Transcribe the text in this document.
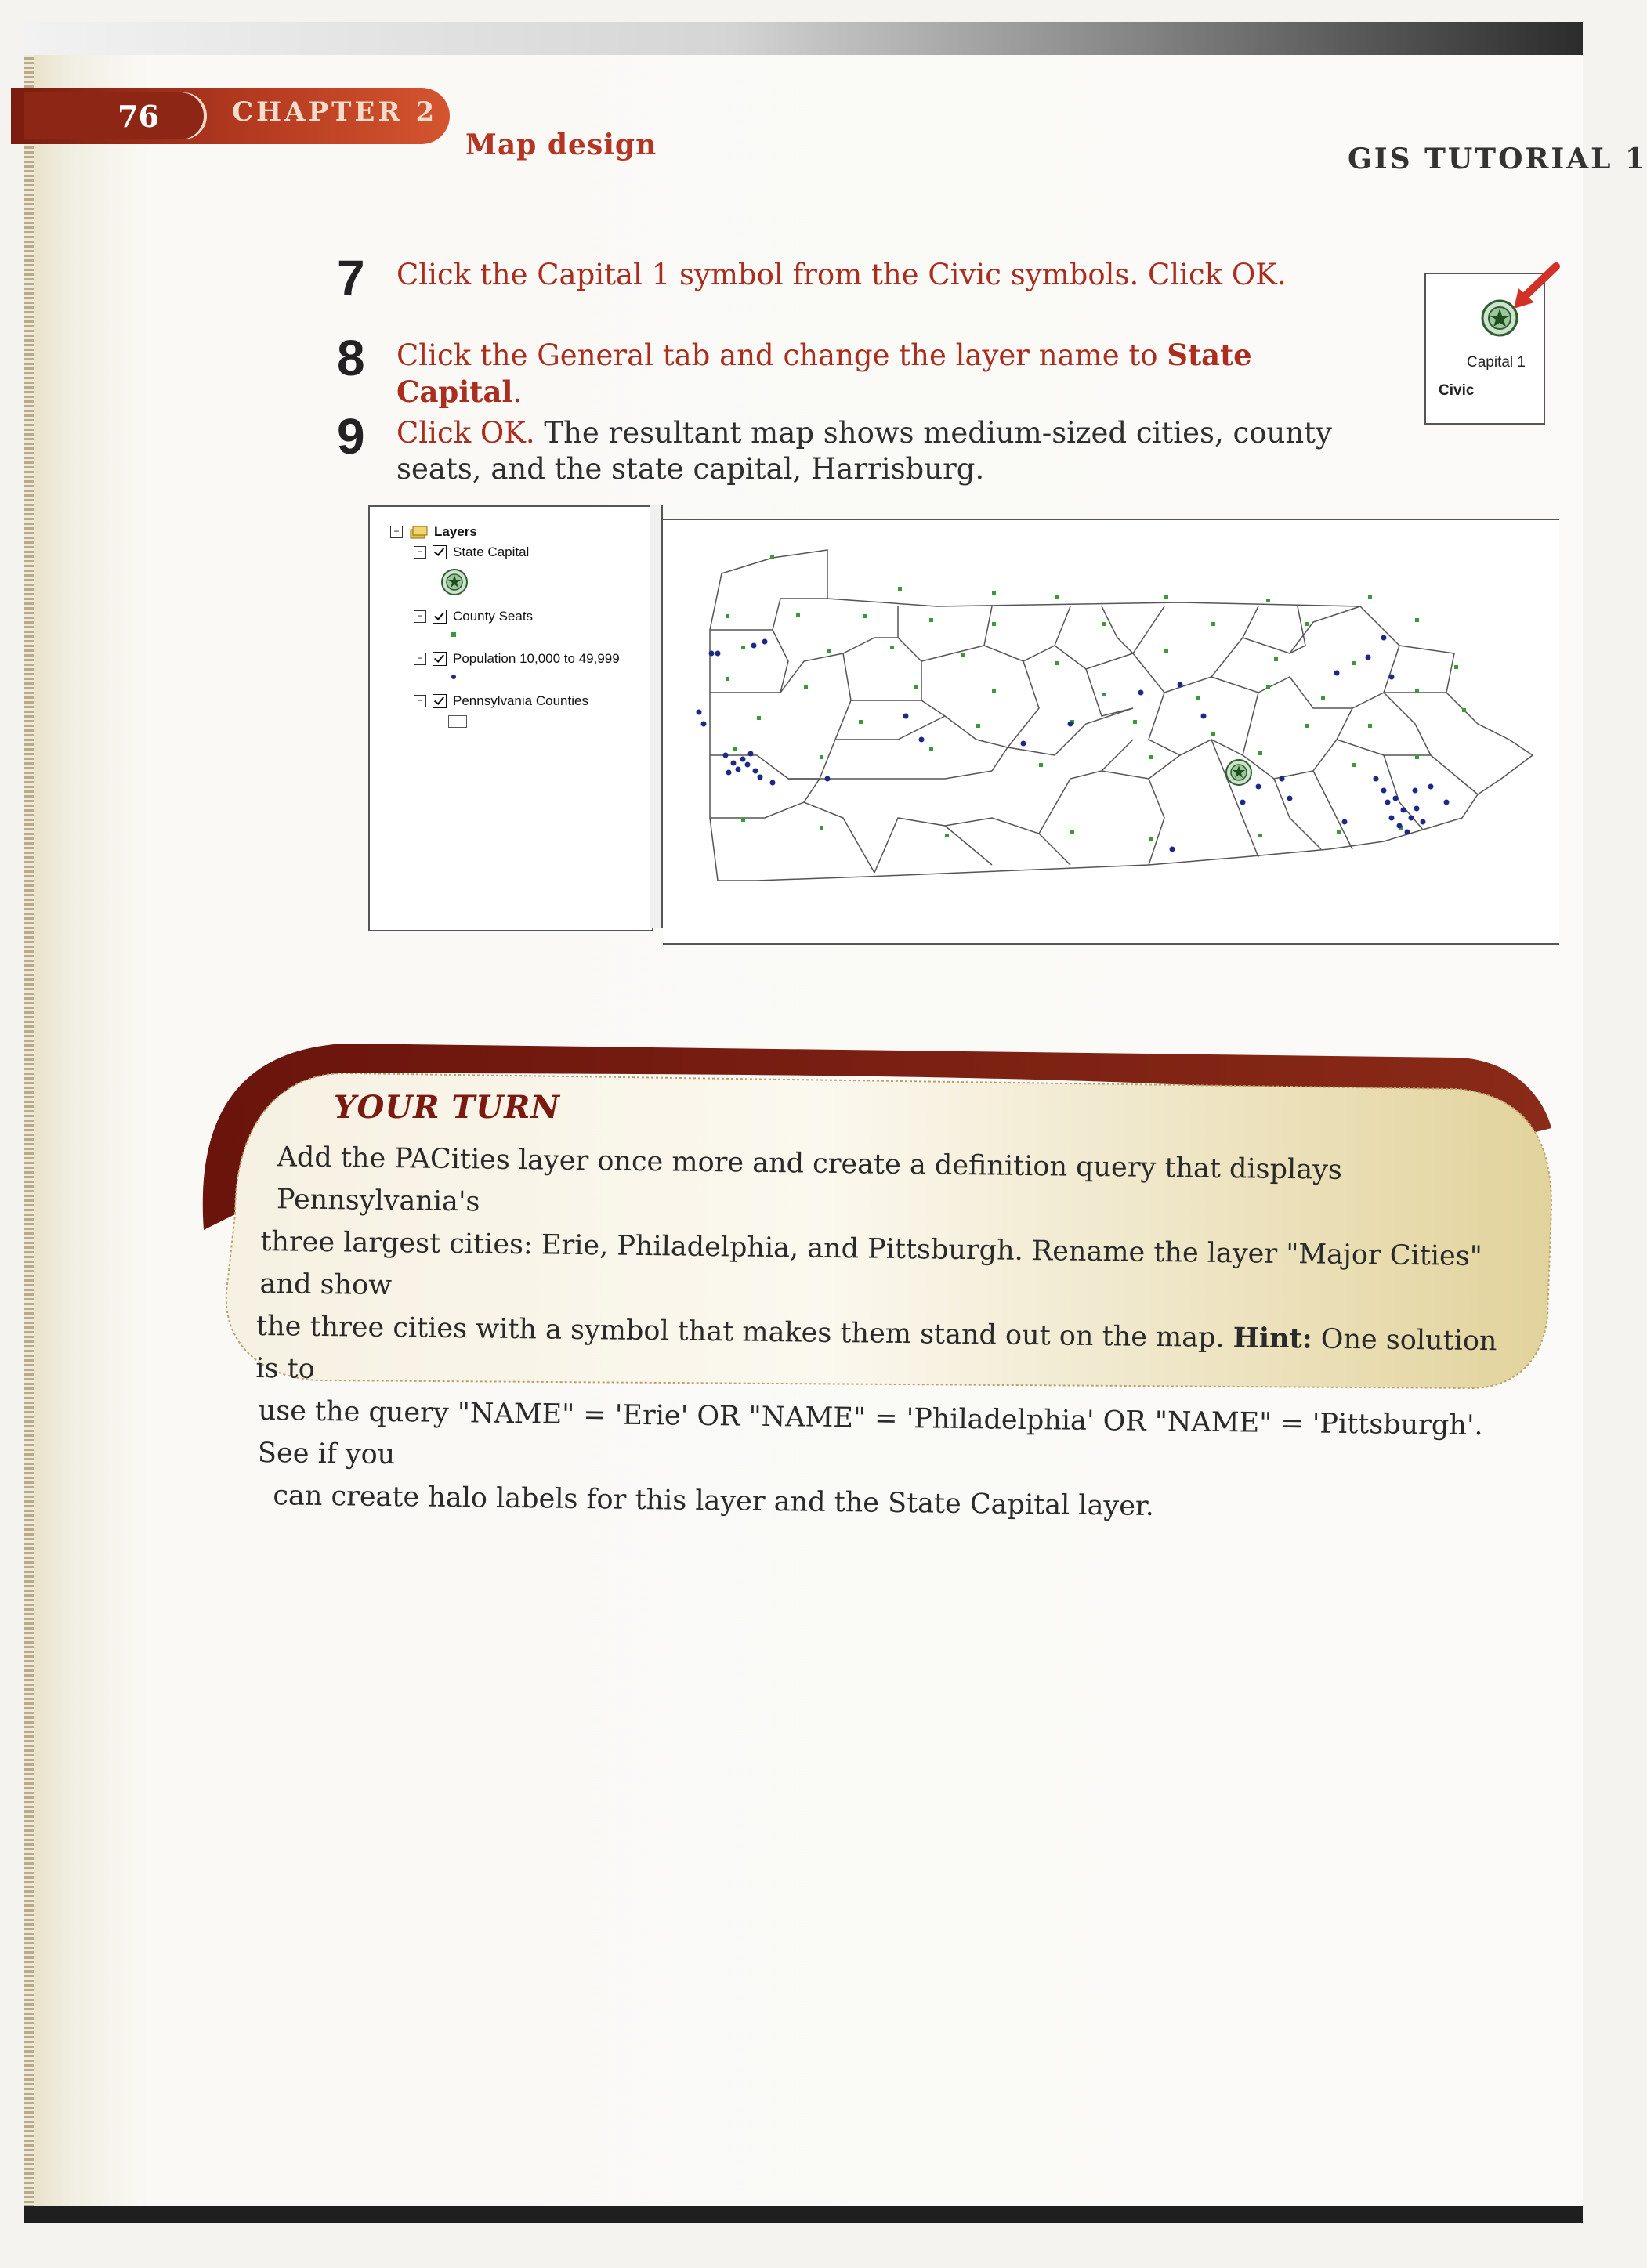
76	CHAPTER 2
Map design	GIS TUTORIAL 1
7 Click the Capital 1 symbol from the Civic symbols. Click OK.
8 Click the General tab and change the layer name to State Capital.
9 Click OK. The resultant map shows medium-sized cities, county seats, and the state capital, Harrisburg.
Capital 1
Civic
−	Layers
− State Capital
− County Seats
− Population 10,000 to 49,999
− Pennsylvania Counties
YOUR TURN
Add the PACities layer once more and create a definition query that displays Pennsylvania's
three largest cities: Erie, Philadelphia, and Pittsburgh. Rename the layer "Major Cities" and show
the three cities with a symbol that makes them stand out on the map. Hint: One solution is to
use the query "NAME" = 'Erie' OR "NAME" = 'Philadelphia' OR "NAME" = 'Pittsburgh'. See if you
can create halo labels for this layer and the State Capital layer.
